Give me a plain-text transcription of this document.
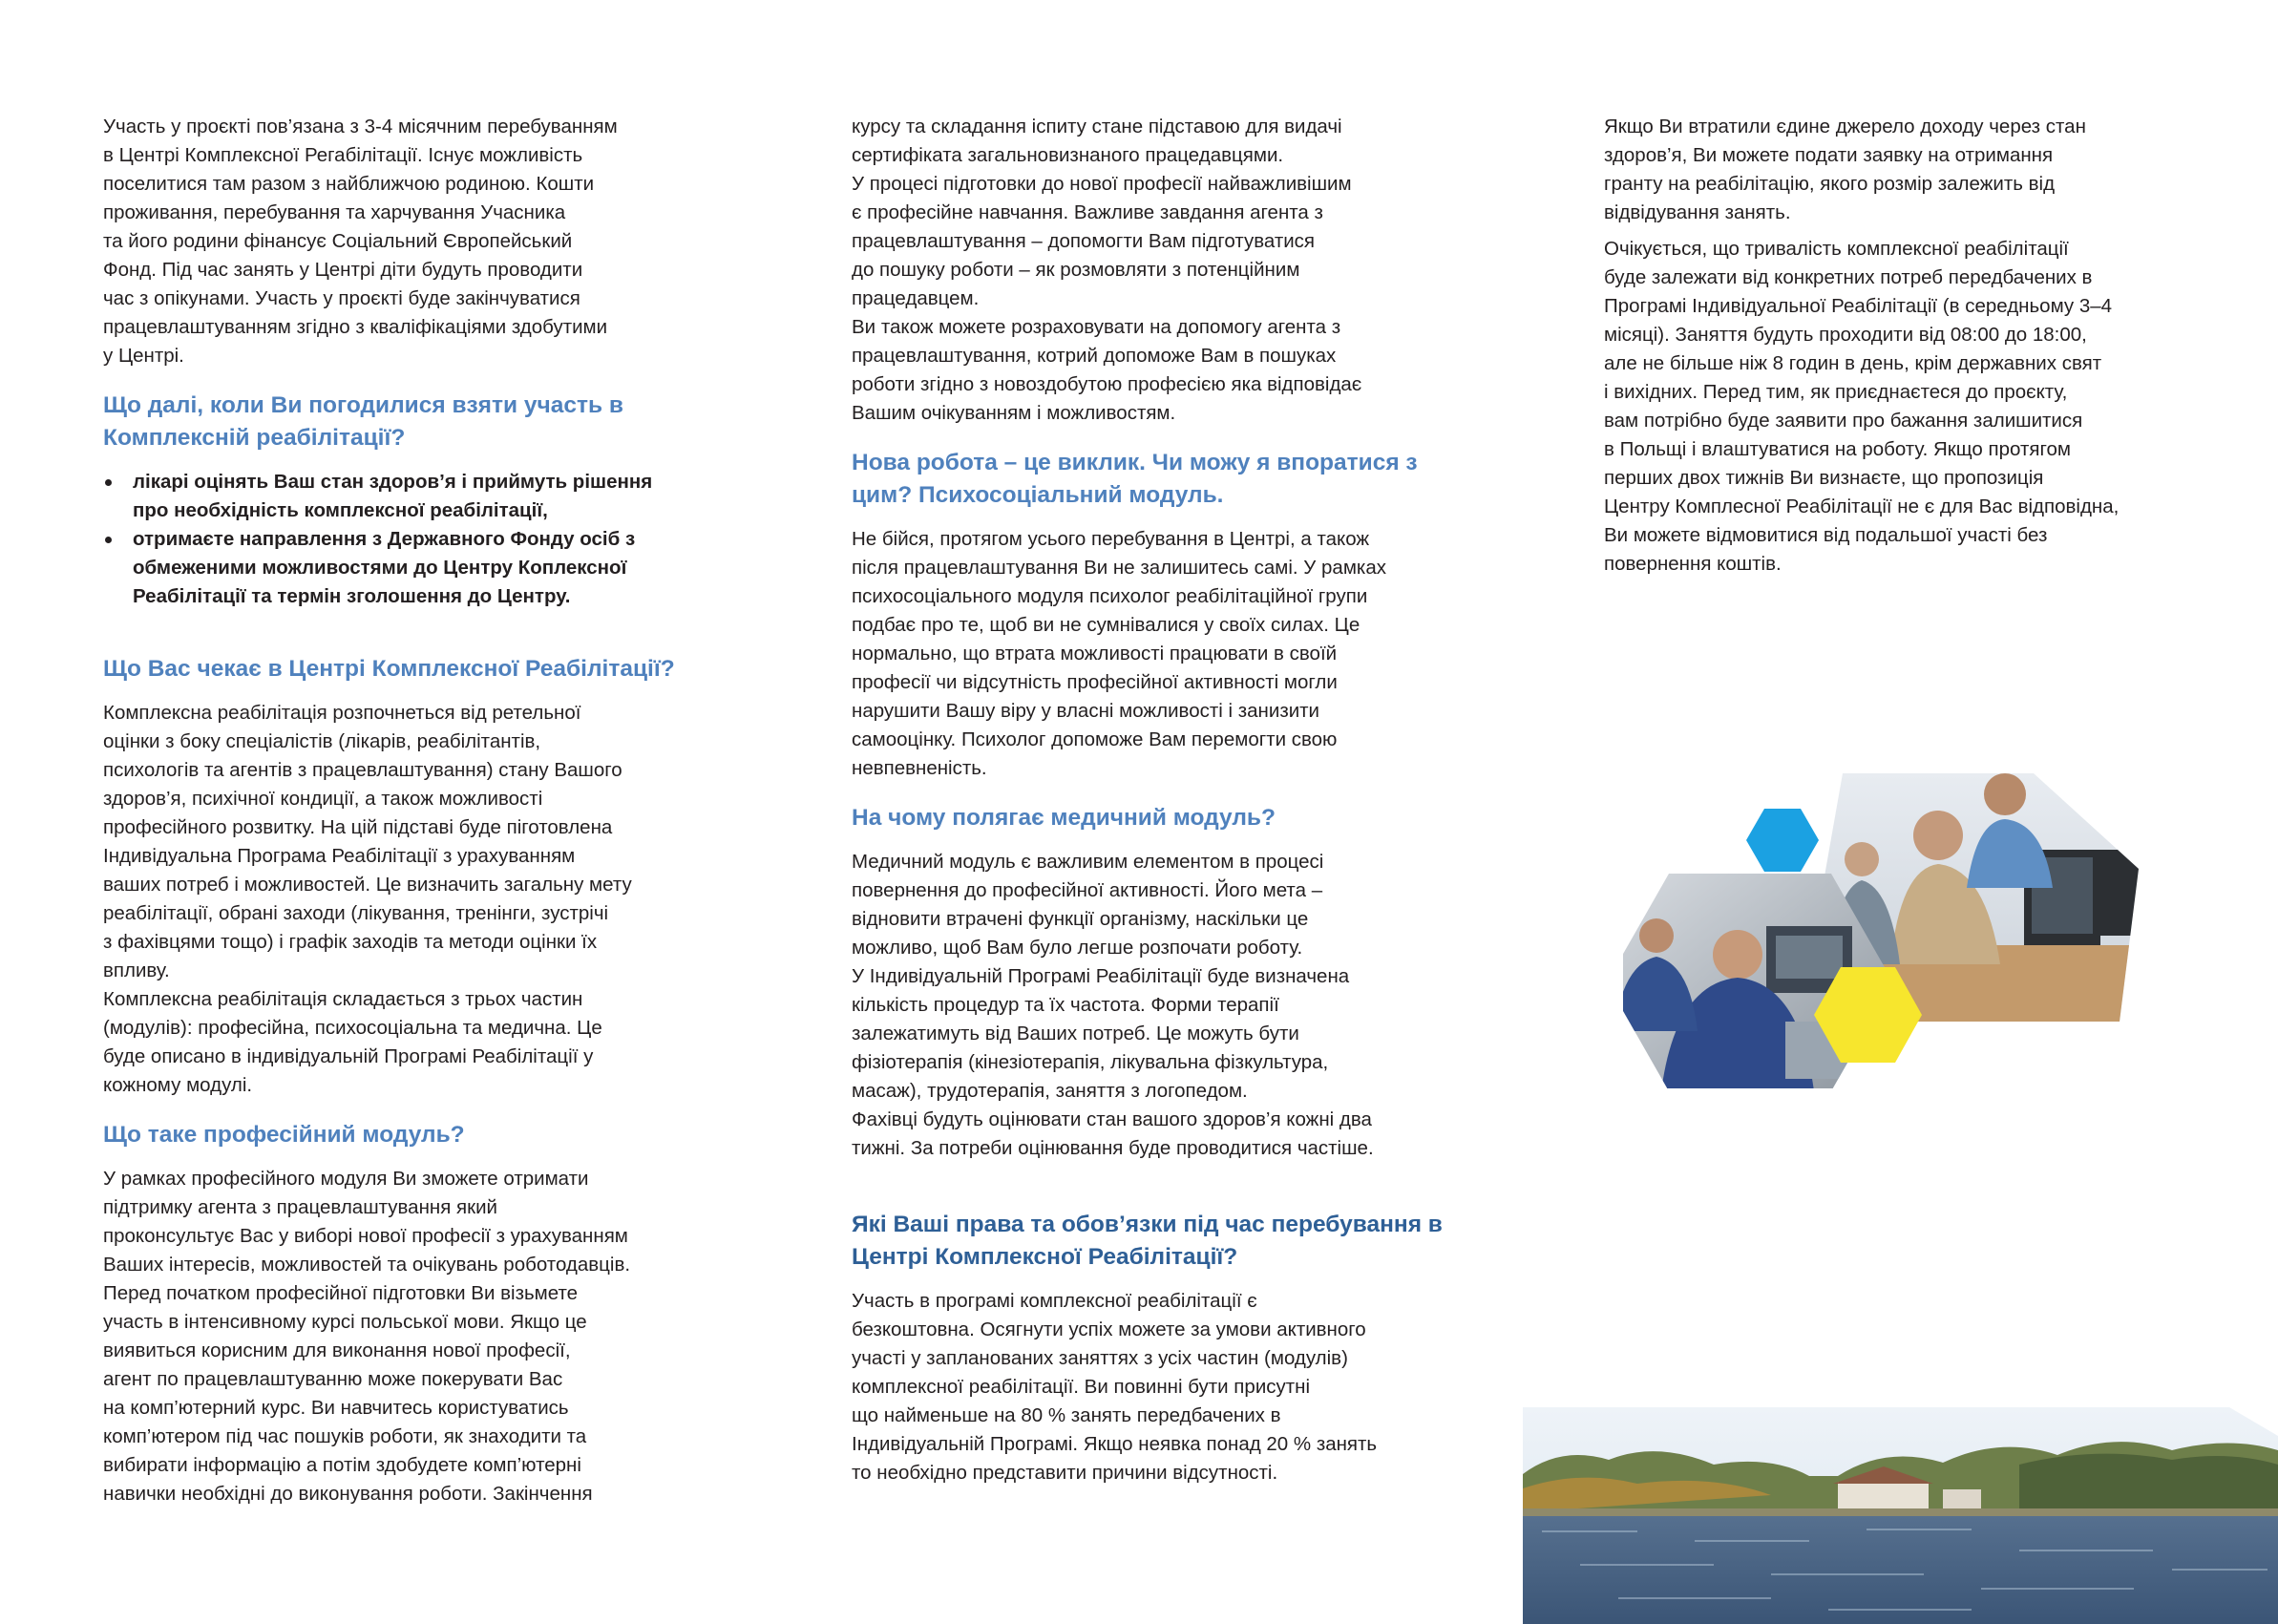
Участь у проєкті пов’язана з 3-4 місячним перебуванням
в Центрі Комплексної Регабілітації. Існує можливість
поселитися там разом з найближчою родиною. Кошти
проживання, перебування та харчування Учасника
та його родини фінансує Соціальний Європейський
Фонд. Під час занять у Центрі діти будуть проводити
час з опікунами. Участь у проєкті буде закінчуватися
працевлаштуванням згідно з кваліфікаціями здобутими
у Центрі.

Що далі, коли Ви погодилися взяти участь в
Комплексній реабілітації?
лікарі оцінять Ваш стан здоров’я і приймуть рішення
про необхідність комплексної реабілітації,
отримаєте направлення з Державного Фонду осіб з
обмеженими можливостями до Центру Коплексної
Реабілітації та термін зголошення до Центру.
Що Вас чекає в Центрі Комплексної Реабілітації?

Комплексна реабілітація розпочнеться від ретельної
оцінки з боку спеціалістів (лікарів, реабілітантів,
психологів та агентів з працевлаштування) стану Вашого
здоров’я, психічної кондиції, а також можливості
професійного розвитку. На цій підставі буде піготовлена
Індивідуальна Програма Реабілітації з урахуванням
ваших потреб і можливостей. Це визначить загальну мету
реабілітації, обрані заходи (лікування, тренінги, зустрічі
з фахівцями тощо) і графік заходів та методи оцінки їх
впливу.
Комплексна реабілітація складається з трьох частин
(модулів): професійна, психосоціальна та медична. Це
буде описано в індивідуальній Програмі Реабілітації у
кожному модулі.

Що таке професійний модуль?

У рамках професійного модуля Ви зможете отримати
підтримку агента з працевлаштування який
проконсультує Вас у виборі нової професії з урахуванням
Ваших інтересів, можливостей та очікувань роботодавців.
Перед початком професійної підготовки Ви візьмете
участь в інтенсивному курсі польської мови. Якщо це
виявиться корисним для виконання нової професії,
агент по працевлаштуванню може покерувати Вас
на комп’ютерний курс. Ви навчитесь користуватись
комп’ютером під час пошуків роботи, як знаходити та
вибирати інформацію а потім здобудете комп’ютерні
навички необхідні до виконування роботи. Закінчення

курсу та складання іспиту стане підставою для видачі
сертифіката загальновизнаного працедавцями.
У процесі підготовки до нової професії найважливішим
є професійне навчання. Важливе завдання агента з
працевлаштування – допомогти Вам підготуватися
до пошуку роботи – як розмовляти з потенційним
працедавцем.
Ви також можете розраховувати на допомогу агента з
працевлаштування, котрий допоможе Вам в пошуках
роботи згідно з новоздобутою професією яка відповідає
Вашим очікуванням і можливостям.

Нова робота – це виклик. Чи можу я впоратися з
цим? Психосоціальний модуль.

Не бійся, протягом усього перебування в Центрі, а також
після працевлаштування Ви не залишитесь самі. У рамках
психосоціального модуля психолог реабілітаційної групи
подбає про те, щоб ви не сумнівалися у своїх силах. Це
нормально, що втрата можливості працювати в своїй
професії чи відсутність професійної активності могли
нарушити Вашу віру у власні можливості і занизити
самооцінку. Психолог допоможе Вам перемогти свою
невпевненість.

На чому полягає медичний модуль?

Медичний модуль є важливим елементом в процесі
повернення до професійної активності. Його мета –
відновити втрачені функції організму, наскільки це
можливо, щоб Вам було легше розпочати роботу.
У Індивідуальній Програмі Реабілітації буде визначена
кількість процедур та їх частота. Форми терапії
залежатимуть від Ваших потреб. Це можуть бути
фізіотерапія (кінезіотерапія, лікувальна фізкультура,
масаж), трудотерапія, заняття з логопедом.
Фахівці будуть оцінювати стан вашого здоров’я кожні два
тижні. За потреби оцінювання буде проводитися частіше.

Які Ваші права та обов’язки під час перебування в
Центрі Комплексної Реабілітації?

Участь в програмі комплексної реабілітації є
безкоштовна. Осягнути успіх можете за умови активного
участі у запланованих заняттях з усіх частин (модулів)
комплексної реабілітації. Ви повинні бути присутні
що найменьше на 80 % занять передбачених в
Індивідуальній Програмі. Якщо неявка понад 20 % занять
то необхідно представити причини відсутності.

Якщо Ви втратили єдине джерело доходу через стан
здоров’я, Ви можете подати заявку на отримання
гранту на реабілітацію, якого розмір залежить від
відвідування занять.

Очікується, що тривалість комплексної реабілітації
буде залежати від конкретних потреб передбачених в
Програмі Індивідуальної Реабілітації (в середньому 3–4
місяці). Заняття будуть проходити від 08:00 до 18:00,
але не більше ніж 8 годин в день, крім державних свят
і вихідних. Перед тим, як приєднаєтеся до проєкту,
вам потрібно буде заявити про бажання залишитися
в Польщі і влаштуватися на роботу. Якщо протягом
перших двох тижнів Ви визнаєте, що пропозиція
Центру Комплесної Реабілітації не є для Вас відповідна,
Ви можете відмовитися від подальшої участі без
повернення коштів.
